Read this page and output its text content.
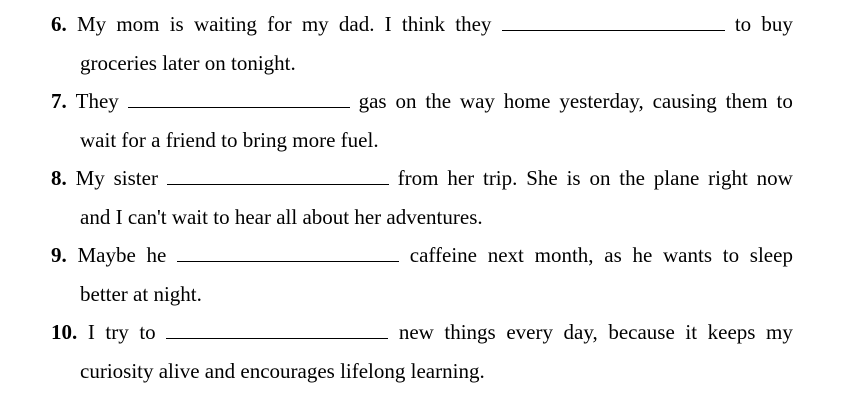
6. My mom is waiting for my dad. I think they	to buy
groceries later on tonight.
7. They	gas on the way home yesterday, causing them to
wait for a friend to bring more fuel.
8. My sister	from her trip. She is on the plane right now
and I can't wait to hear all about her adventures.
9. Maybe he	caffeine next month, as he wants to sleep
better at night.
10. I try to	new things every day, because it keeps my
curiosity alive and encourages lifelong learning.
